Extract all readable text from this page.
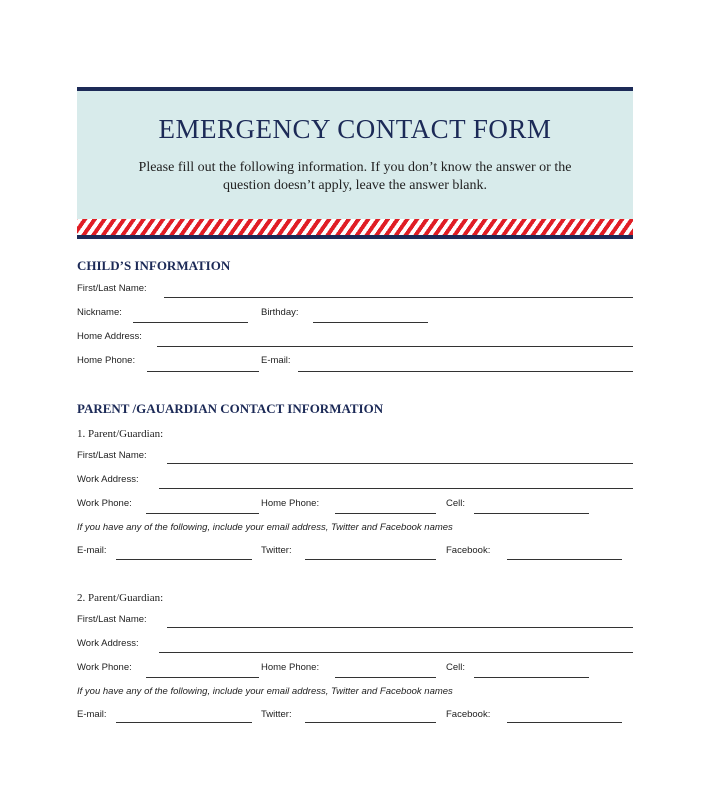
EMERGENCY CONTACT FORM
Please fill out the following information. If you don’t know the answer or the
question doesn’t apply, leave the answer blank.
CHILD’S INFORMATION
First/Last Name:
Nickname:	Birthday:
Home Address:
Home Phone:	E-mail:
PARENT /GAUARDIAN CONTACT INFORMATION
1. Parent/Guardian:
First/Last Name:
Work Address:
Work Phone:	Home Phone:	Cell:
If you have any of the following, include your email address, Twitter and Facebook names
E-mail:	Twitter:	Facebook:
2. Parent/Guardian:
First/Last Name:
Work Address:
Work Phone:	Home Phone:	Cell:
If you have any of the following, include your email address, Twitter and Facebook names
E-mail:	Twitter:	Facebook:
